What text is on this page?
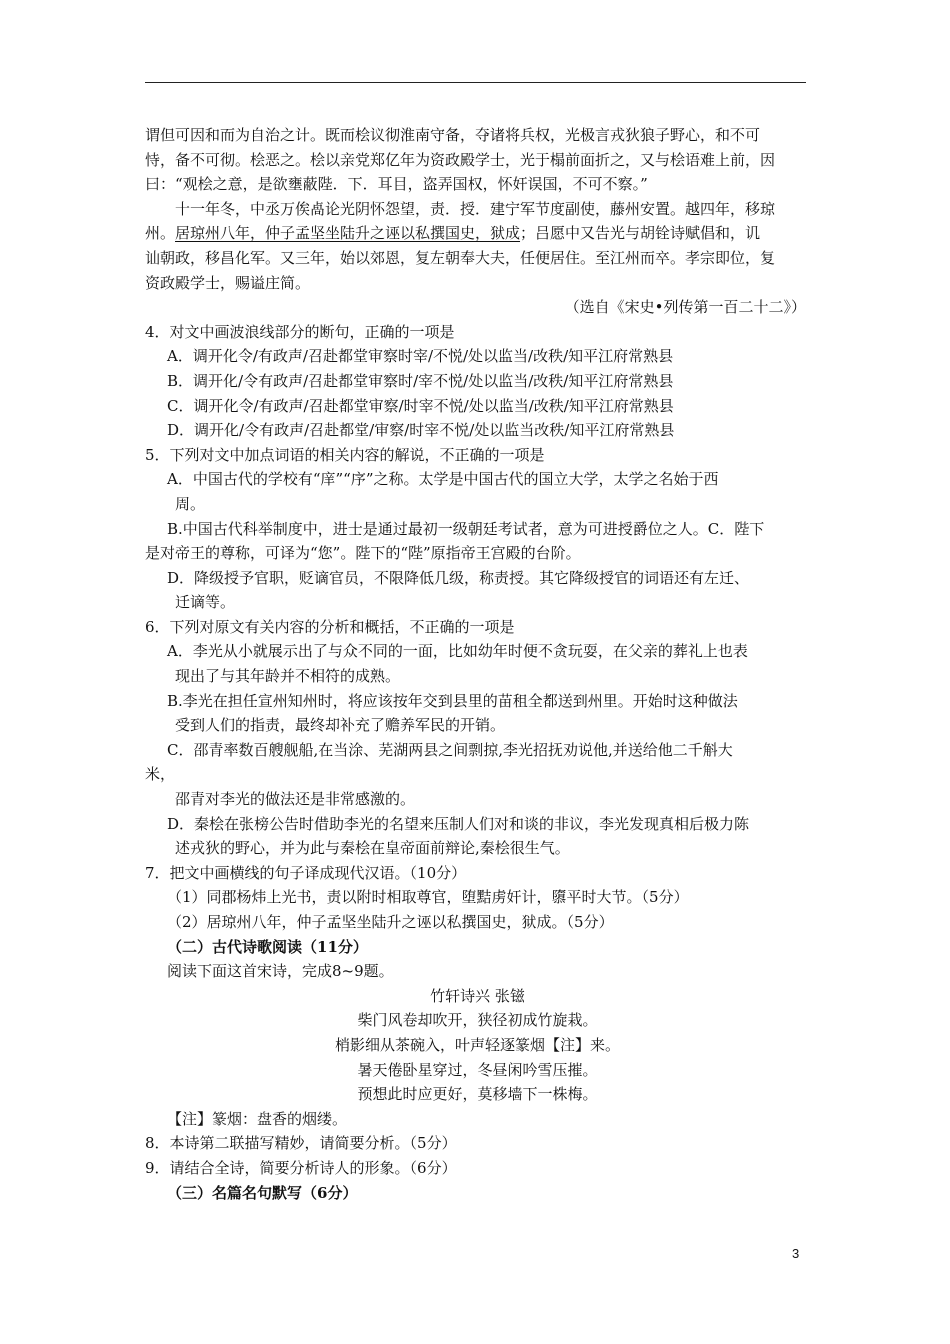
谓但可因和而为自治之计。既而桧议彻淮南守备，夺诸将兵权，光极言戎狄狼子野心，和不可

恃，备不可彻。桧恶之。桧以亲党郑亿年为资政殿学士，光于榻前面折之，又与桧语难上前，因

曰：“观桧之意，是欲壅蔽陛．下．耳目，盗弄国权，怀奸误国，不可不察。”

十一年冬，中丞万俟卨论光阴怀怨望，责．授．建宁军节度副使，藤州安置。越四年，移琼

州。居琼州八年，仲子孟坚坐陆升之诬以私撰国史，狱成；吕愿中又告光与胡铨诗赋倡和，讥

讪朝政，移昌化军。又三年，始以郊恩，复左朝奉大夫，任便居住。至江州而卒。孝宗即位，复

资政殿学士，赐谥庄简。

（选自《宋史•列传第一百二十二》）

4．对文中画波浪线部分的断句，正确的一项是

A．调开化令/有政声/召赴都堂审察时宰/不悦/处以监当/改秩/知平江府常熟县

B．调开化/令有政声/召赴都堂审察时/宰不悦/处以监当/改秩/知平江府常熟县

C．调开化令/有政声/召赴都堂审察/时宰不悦/处以监当/改秩/知平江府常熟县

D．调开化/令有政声/召赴都堂/审察/时宰不悦/处以监当改秩/知平江府常熟县

5．下列对文中加点词语的相关内容的解说，不正确的一项是

A．中国古代的学校有“庠”“序”之称。太学是中国古代的国立大学，太学之名始于西

周。

B.中国古代科举制度中，进士是通过最初一级朝廷考试者，意为可进授爵位之人。C．陛下

是对帝王的尊称，可译为“您”。陛下的“陛”原指帝王宫殿的台阶。

D．降级授予官职，贬谪官员，不限降低几级，称责授。其它降级授官的词语还有左迁、

迁谪等。

6．下列对原文有关内容的分析和概括，不正确的一项是

A．李光从小就展示出了与众不同的一面，比如幼年时便不贪玩耍，在父亲的葬礼上也表

现出了与其年龄并不相符的成熟。

B.李光在担任宣州知州时，将应该按年交到县里的苗租全都送到州里。开始时这种做法

受到人们的指责，最终却补充了赡养军民的开销。

C．邵青率数百艘舰船,在当涂、芜湖两县之间剽掠,李光招抚劝说他,并送给他二千斛大

米，

邵青对李光的做法还是非常感激的。

D．秦桧在张榜公告时借助李光的名望来压制人们对和谈的非议，李光发现真相后极力陈

述戎狄的野心，并为此与秦桧在皇帝面前辩论,秦桧很生气。

7．把文中画横线的句子译成现代汉语。（10分）

（1）同郡杨炜上光书，责以附时相取尊官，堕黠虏奸计，隳平时大节。（5分）

（2）居琼州八年，仲子孟坚坐陆升之诬以私撰国史，狱成。（5分）

（二）古代诗歌阅读（11分）

阅读下面这首宋诗，完成8~9题。

竹轩诗兴 张镃

柴门风卷却吹开，狭径初成竹旋栽。

梢影细从茶碗入，叶声轻逐篆烟【注】来。

暑天倦卧星穿过，冬昼闲吟雪压摧。

预想此时应更好，莫移墙下一株梅。

【注】篆烟：盘香的烟缕。

8．本诗第二联描写精妙，请简要分析。（5分）

9．请结合全诗，简要分析诗人的形象。（6分）

（三）名篇名句默写（6分）

3
